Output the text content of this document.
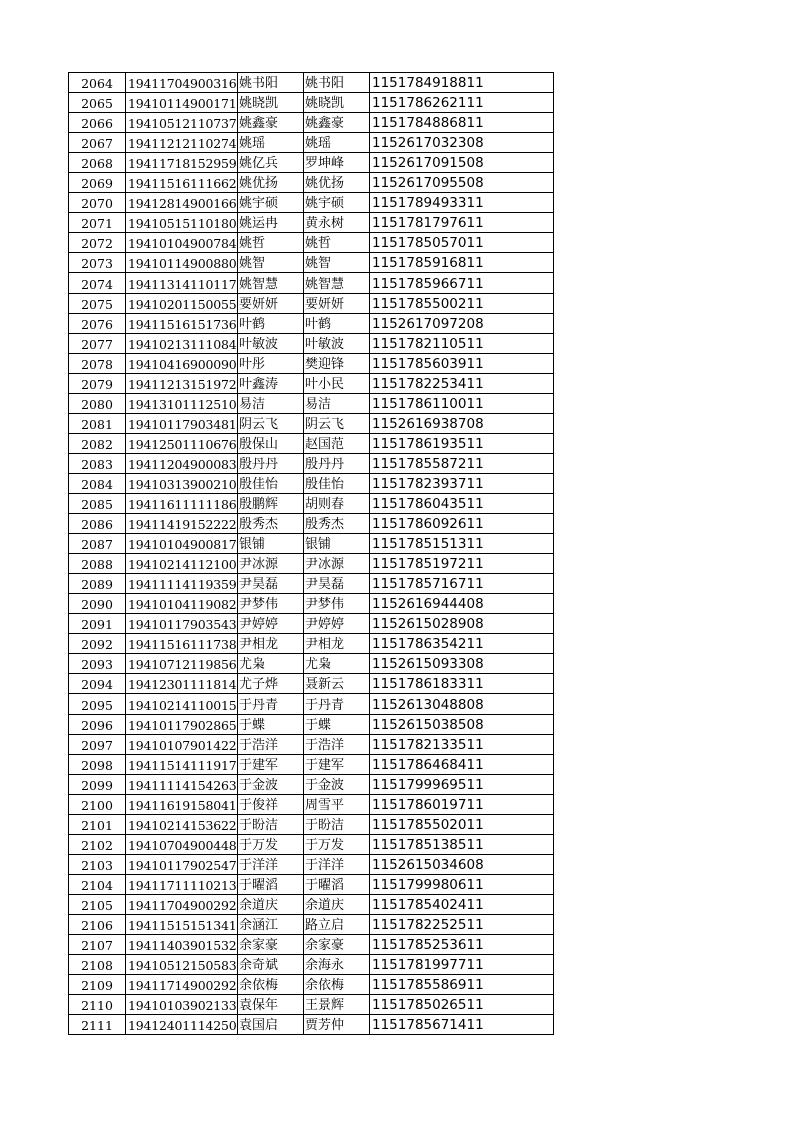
2064	19411704900316	姚书阳	姚书阳	1151784918811
2065	19410114900171	姚晓凯	姚晓凯	1151786262111
2066	19410512110737	姚鑫豪	姚鑫豪	1151784886811
2067	19411212110274	姚瑶	姚瑶	1152617032308
2068	19411718152959	姚亿兵	罗坤峰	1152617091508
2069	19411516111662	姚优扬	姚优扬	1152617095508
2070	19412814900166	姚宇硕	姚宇硕	1151789493311
2071	19410515110180	姚运冉	黄永树	1151781797611
2072	19410104900784	姚哲	姚哲	1151785057011
2073	19410114900880	姚智	姚智	1151785916811
2074	19411314110117	姚智慧	姚智慧	1151785966711
2075	19410201150055	要妍妍	要妍妍	1151785500211
2076	19411516151736	叶鹤	叶鹤	1152617097208
2077	19410213111084	叶敏波	叶敏波	1151782110511
2078	19410416900090	叶彤	樊迎锋	1151785603911
2079	19411213151972	叶鑫涛	叶小民	1151782253411
2080	19413101112510	易洁	易洁	1151786110011
2081	19410117903481	阴云飞	阴云飞	1152616938708
2082	19412501110676	殷保山	赵国范	1151786193511
2083	19411204900083	殷丹丹	殷丹丹	1151785587211
2084	19410313900210	殷佳怡	殷佳怡	1151782393711
2085	19411611111186	殷鹏辉	胡则春	1151786043511
2086	19411419152222	殷秀杰	殷秀杰	1151786092611
2087	19410104900817	银铺	银铺	1151785151311
2088	19410214112100	尹冰源	尹冰源	1151785197211
2089	19411114119359	尹昊磊	尹昊磊	1151785716711
2090	19410104119082	尹梦伟	尹梦伟	1152616944408
2091	19410117903543	尹婷婷	尹婷婷	1152615028908
2092	19411516111738	尹相龙	尹相龙	1151786354211
2093	19410712119856	尤枭	尤枭	1152615093308
2094	19412301111814	尤子烨	聂新云	1151786183311
2095	19410214110015	于丹青	于丹青	1152613048808
2096	19410117902865	于蝶	于蝶	1152615038508
2097	19410107901422	于浩洋	于浩洋	1151782133511
2098	19411514111917	于建军	于建军	1151786468411
2099	19411114154263	于金波	于金波	1151799969511
2100	19411619158041	于俊祥	周雪平	1151786019711
2101	19410214153622	于盼洁	于盼洁	1151785502011
2102	19410704900448	于万发	于万发	1151785138511
2103	19410117902547	于洋洋	于洋洋	1152615034608
2104	19411711110213	于曜滔	于曜滔	1151799980611
2105	19411704900292	余道庆	余道庆	1151785402411
2106	19411515151341	余涵江	路立启	1151782252511
2107	19411403901532	余家豪	余家豪	1151785253611
2108	19410512150583	余奇斌	余海永	1151781997711
2109	19411714900292	余依梅	余依梅	1151785586911
2110	19410103902133	袁保年	王景辉	1151785026511
2111	19412401114250	袁国启	贾芳仲	1151785671411
